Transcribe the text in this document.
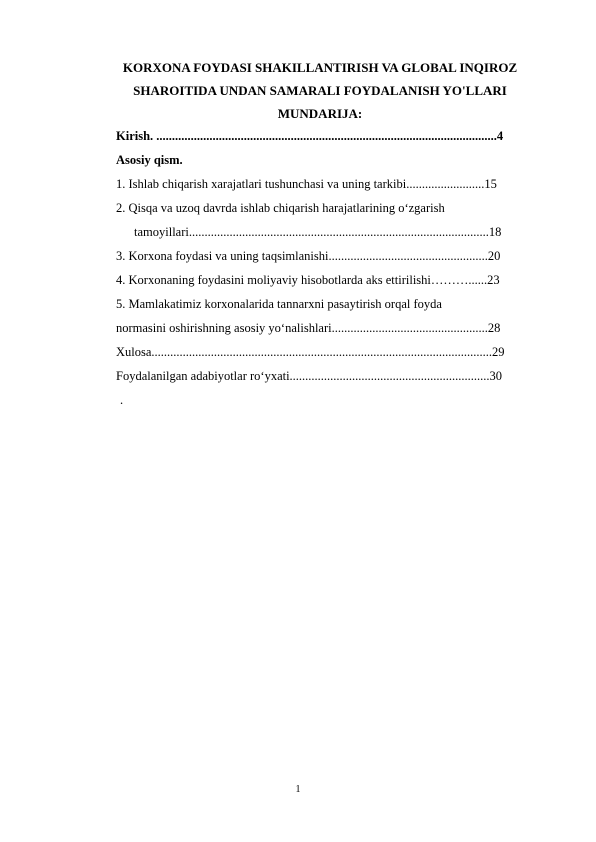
KORXONA FOYDASI SHAKILLANTIRISH VA GLOBAL INQIROZ
SHAROITIDA UNDAN SAMARALI FOYDALANISH YO'LLARI
MUNDARIJA:
Kirish. .............................................................................................................4
Asosiy qism.
1. Ishlab chiqarish xarajatlari tushunchasi va uning tarkibi.........................15
2. Qisqa va uzoq davrda ishlab chiqarish harajatlarining o‘zgarish
tamoyillari................................................................................................18
3. Korxona foydasi va uning taqsimlanishi...................................................20
4. Korxonaning foydasini moliyaviy hisobotlarda aks ettirilishi………......23
5. Mamlakatimiz korxonalarida tannarxni pasaytirish orqal foyda
normasini oshirishning asosiy yo‘nalishlari..................................................28
Xulosa.............................................................................................................29
Foydalanilgan adabiyotlar ro‘yxati................................................................30
.
1
